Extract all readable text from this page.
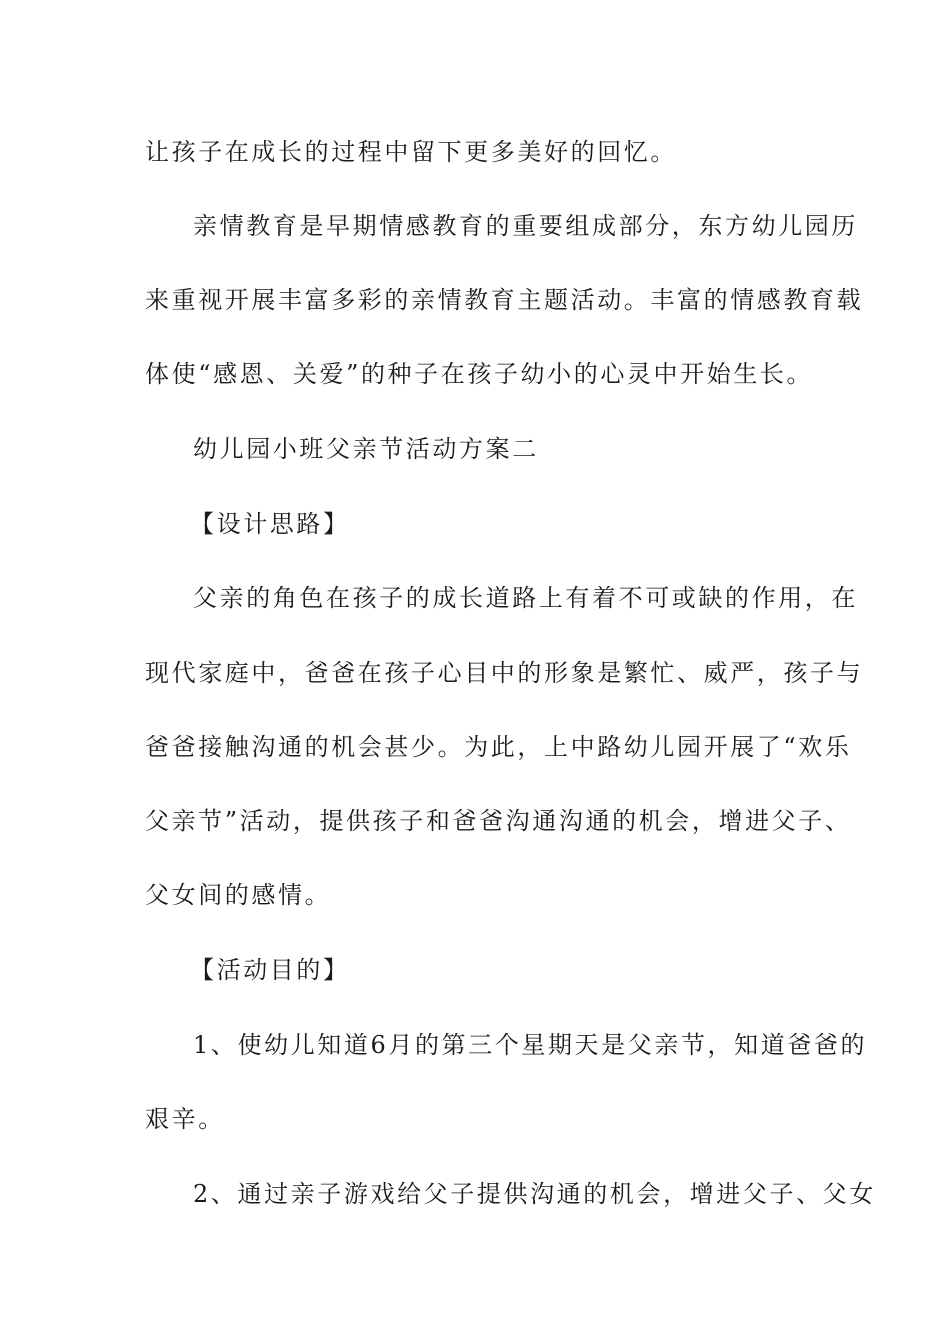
让孩子在成长的过程中留下更多美好的回忆。
亲情教育是早期情感教育的重要组成部分，东方幼儿园历
来重视开展丰富多彩的亲情教育主题活动。丰富的情感教育载
体使“感恩、关爱”的种子在孩子幼小的心灵中开始生长。
幼儿园小班父亲节活动方案二
【设计思路】
父亲的角色在孩子的成长道路上有着不可或缺的作用，在
现代家庭中，爸爸在孩子心目中的形象是繁忙、威严，孩子与
爸爸接触沟通的机会甚少。为此，上中路幼儿园开展了“欢乐
父亲节”活动，提供孩子和爸爸沟通沟通的机会，增进父子、
父女间的感情。
【活动目的】
1、使幼儿知道6月的第三个星期天是父亲节，知道爸爸的
艰辛。
2、通过亲子游戏给父子提供沟通的机会，增进父子、父女
